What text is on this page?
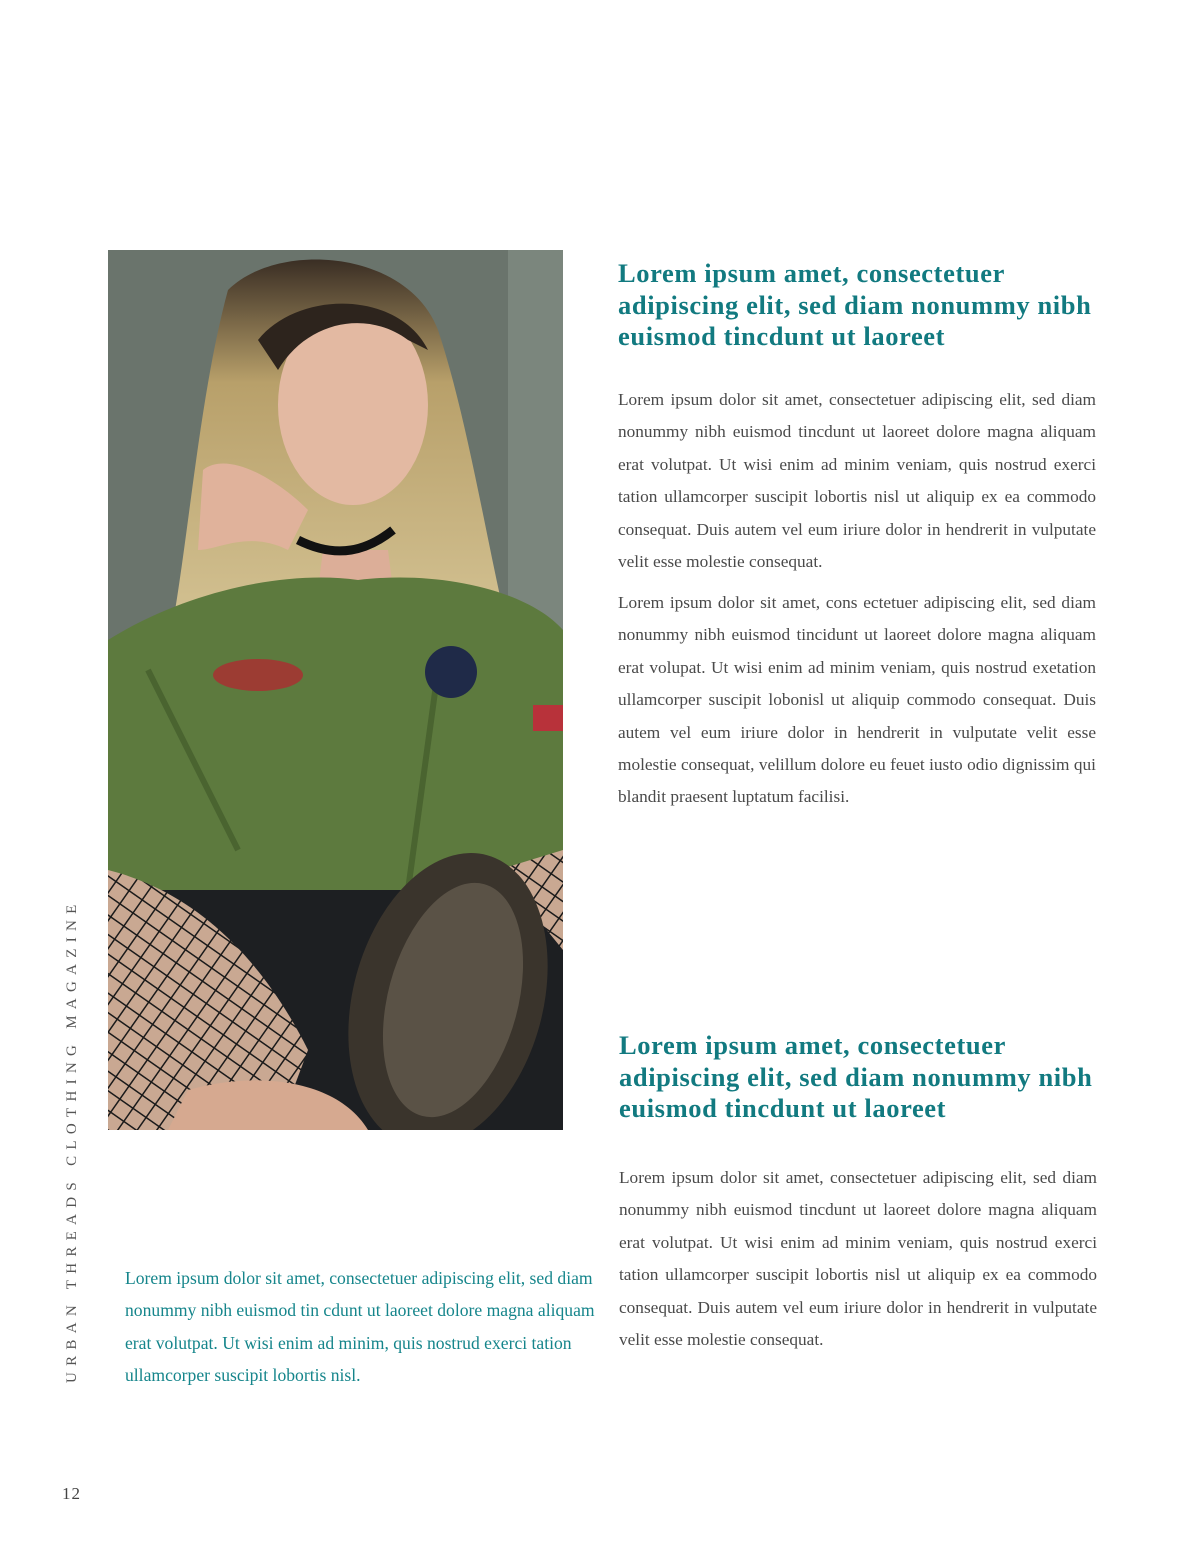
Lorem ipsum amet, consectetuer adipiscing elit, sed diam nonummy nibh euismod tincdunt ut laoreet

Lorem ipsum dolor sit amet, consectetuer adipiscing elit, sed diam nonummy nibh euismod tincdunt ut laoreet dolore magna aliquam erat volutpat. Ut wisi enim ad minim veniam, quis nostrud exerci tation ullamcorper suscipit lobortis nisl ut aliquip ex ea commodo consequat. Duis autem vel eum iriure dolor in hendrerit in vulputate velit esse molestie consequat.

Lorem ipsum dolor sit amet, cons ectetuer adipiscing elit, sed diam nonummy nibh euismod tincidunt ut laoreet dolore magna aliquam erat volupat. Ut wisi enim ad minim veniam, quis nostrud exetation ullamcorper suscipit lobonisl ut aliquip commodo consequat. Duis autem vel eum iriure dolor in hendrerit in vulputate velit esse molestie consequat, velillum dolore eu feuet iusto odio dignissim qui blandit praesent luptatum facilisi.

Lorem ipsum amet, consectetuer adipiscing elit, sed diam nonummy nibh euismod tincdunt ut laoreet

Lorem ipsum dolor sit amet, consectetuer adipiscing elit, sed diam nonummy nibh euismod tincdunt ut laoreet dolore magna aliquam erat volutpat. Ut wisi enim ad minim veniam, quis nostrud exerci tation ullamcorper suscipit lobortis nisl ut aliquip ex ea commodo consequat. Duis autem vel eum iriure dolor in hendrerit in vulputate velit esse molestie consequat.

Lorem ipsum dolor sit amet, consectetuer adipiscing elit, sed diam nonummy nibh euismod tin cdunt ut laoreet dolore magna aliquam erat volutpat. Ut wisi enim ad minim, quis nostrud exerci tation ullamcorper suscipit lobortis nisl.

URBAN THREADS CLOTHING MAGAZINE
12
